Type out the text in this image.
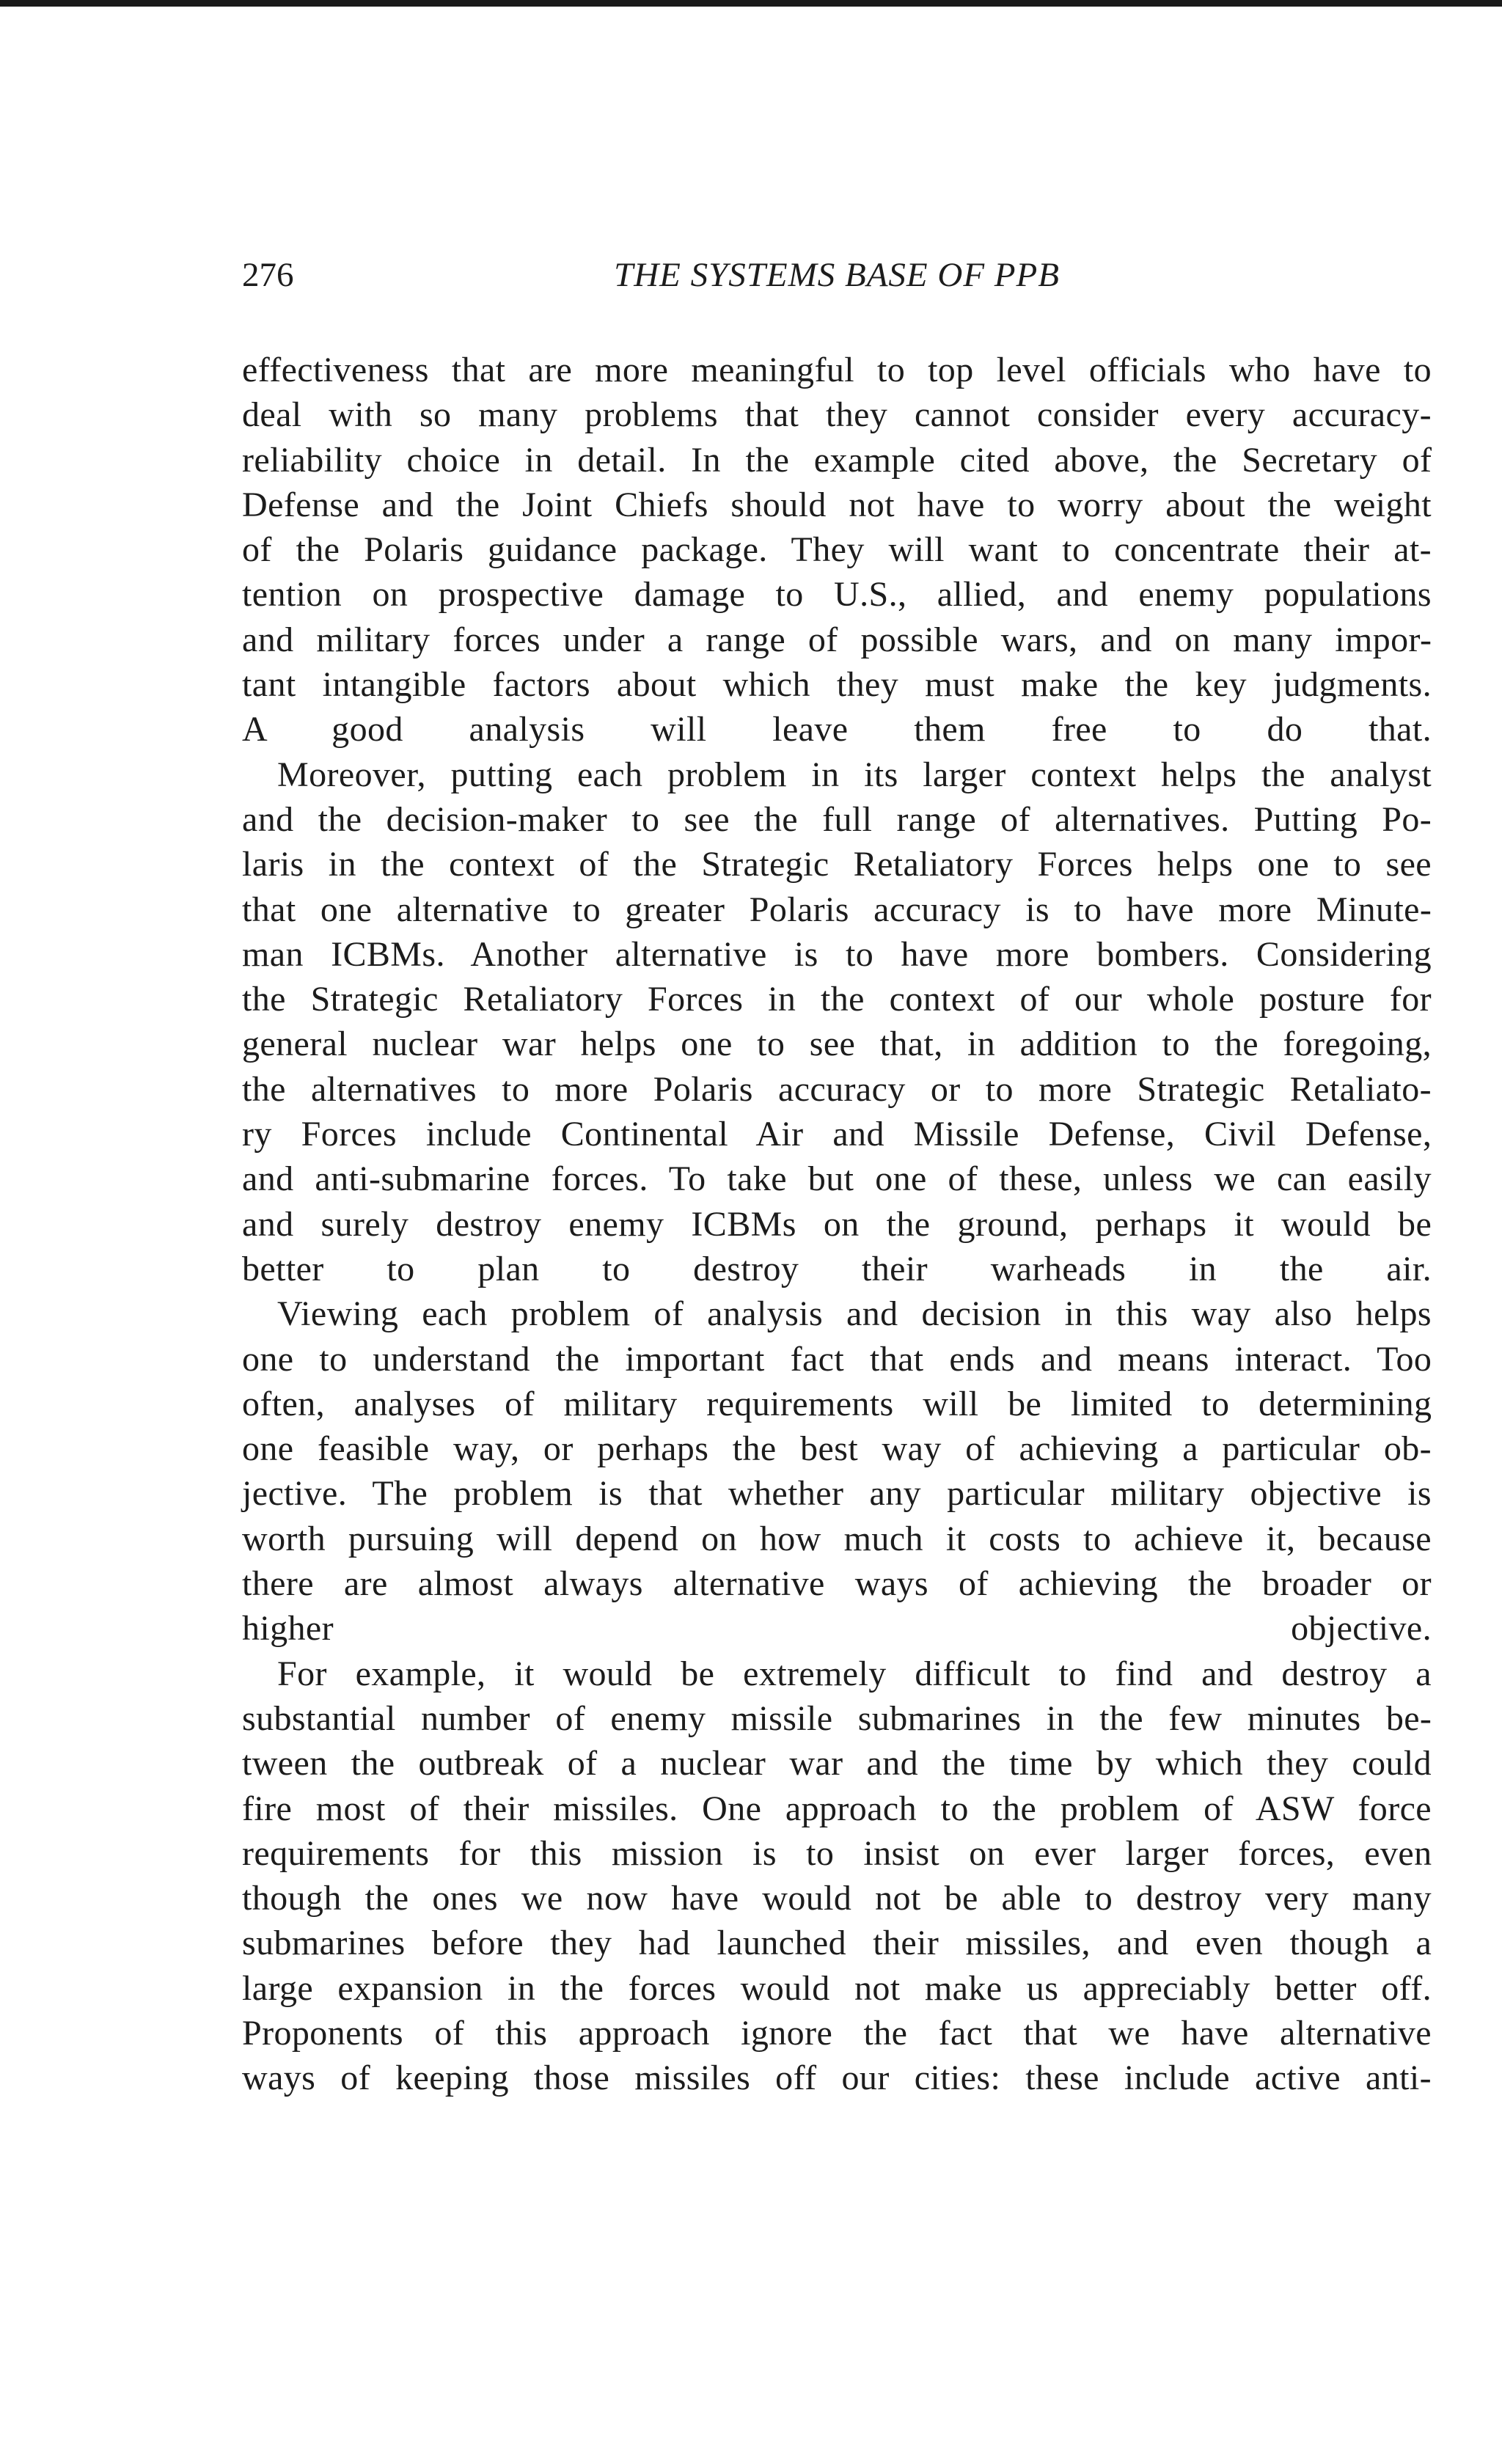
276	THE SYSTEMS BASE OF PPB

effectiveness that are more meaningful to top level officials who have to
deal with so many problems that they cannot consider every accuracy-
reliability choice in detail. In the example cited above, the Secretary of
Defense and the Joint Chiefs should not have to worry about the weight
of the Polaris guidance package. They will want to concentrate their at-
tention on prospective damage to U.S., allied, and enemy populations
and military forces under a range of possible wars, and on many impor-
tant intangible factors about which they must make the key judgments.
A good analysis will leave them free to do that.

Moreover, putting each problem in its larger context helps the analyst
and the decision-maker to see the full range of alternatives. Putting Po-
laris in the context of the Strategic Retaliatory Forces helps one to see
that one alternative to greater Polaris accuracy is to have more Minute-
man ICBMs. Another alternative is to have more bombers. Considering
the Strategic Retaliatory Forces in the context of our whole posture for
general nuclear war helps one to see that, in addition to the foregoing,
the alternatives to more Polaris accuracy or to more Strategic Retaliato-
ry Forces include Continental Air and Missile Defense, Civil Defense,
and anti-submarine forces. To take but one of these, unless we can easily
and surely destroy enemy ICBMs on the ground, perhaps it would be
better to plan to destroy their warheads in the air.

Viewing each problem of analysis and decision in this way also helps
one to understand the important fact that ends and means interact. Too
often, analyses of military requirements will be limited to determining
one feasible way, or perhaps the best way of achieving a particular ob-
jective. The problem is that whether any particular military objective is
worth pursuing will depend on how much it costs to achieve it, because
there are almost always alternative ways of achieving the broader or
higher objective.

For example, it would be extremely difficult to find and destroy a
substantial number of enemy missile submarines in the few minutes be-
tween the outbreak of a nuclear war and the time by which they could
fire most of their missiles. One approach to the problem of ASW force
requirements for this mission is to insist on ever larger forces, even
though the ones we now have would not be able to destroy very many
submarines before they had launched their missiles, and even though a
large expansion in the forces would not make us appreciably better off.
Proponents of this approach ignore the fact that we have alternative
ways of keeping those missiles off our cities: these include active anti-
